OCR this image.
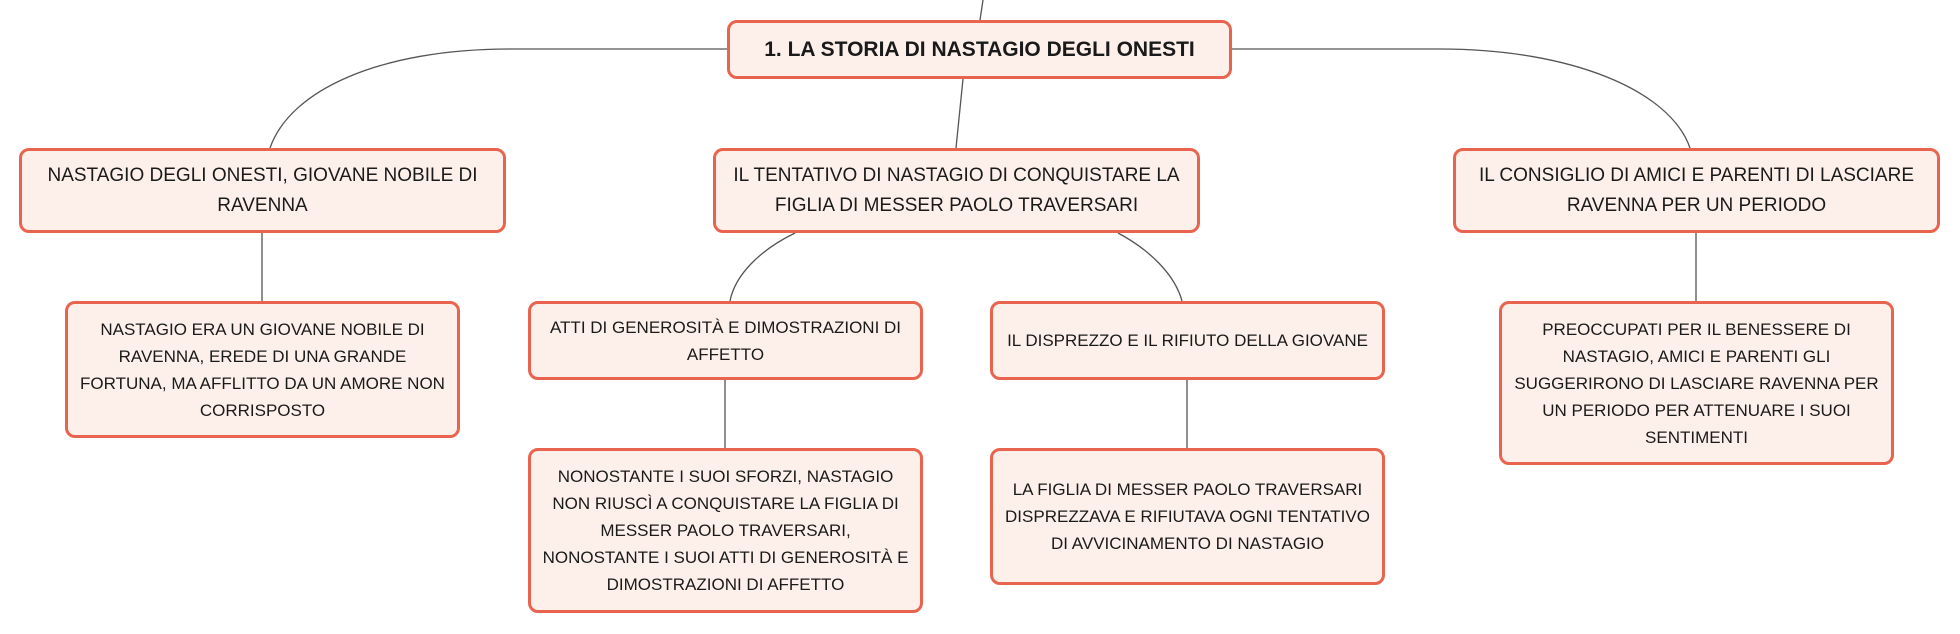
1. LA STORIA DI NASTAGIO DEGLI ONESTI
NASTAGIO DEGLI ONESTI, GIOVANE NOBILE DI RAVENNA
IL TENTATIVO DI NASTAGIO DI CONQUISTARE LA FIGLIA DI MESSER PAOLO TRAVERSARI
IL CONSIGLIO DI AMICI E PARENTI DI LASCIARE RAVENNA PER UN PERIODO
NASTAGIO ERA UN GIOVANE NOBILE DI RAVENNA, EREDE DI UNA GRANDE FORTUNA, MA AFFLITTO DA UN AMORE NON CORRISPOSTO
ATTI DI GENEROSITÀ E DIMOSTRAZIONI DI AFFETTO
IL DISPREZZO E IL RIFIUTO DELLA GIOVANE
PREOCCUPATI PER IL BENESSERE DI NASTAGIO, AMICI E PARENTI GLI SUGGERIRONO DI LASCIARE RAVENNA PER UN PERIODO PER ATTENUARE I SUOI SENTIMENTI
NONOSTANTE I SUOI SFORZI, NASTAGIO NON RIUSCÌ A CONQUISTARE LA FIGLIA DI MESSER PAOLO TRAVERSARI, NONOSTANTE I SUOI ATTI DI GENEROSITÀ E DIMOSTRAZIONI DI AFFETTO
LA FIGLIA DI MESSER PAOLO TRAVERSARI DISPREZZAVA E RIFIUTAVA OGNI TENTATIVO DI AVVICINAMENTO DI NASTAGIO
